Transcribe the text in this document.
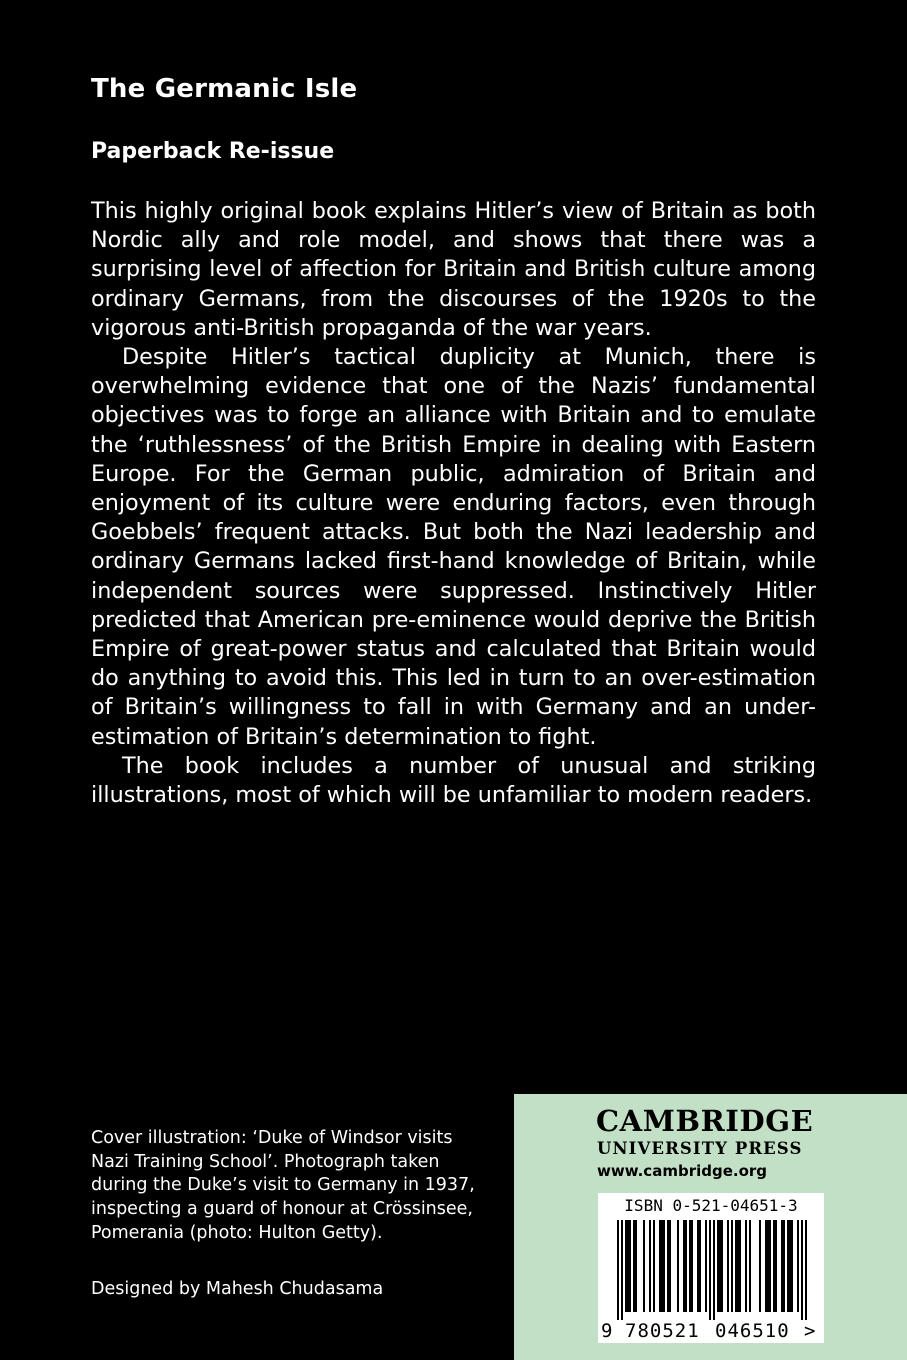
The Germanic Isle
Paperback Re-issue

This highly original book explains Hitler’s view of Britain as both Nordic ally and role model, and shows that there was a surprising level of affection for Britain and British culture among ordinary Germans, from the discourses of the 1920s to the vigorous anti-British propaganda of the war years.

Despite Hitler’s tactical duplicity at Munich, there is overwhelming evidence that one of the Nazis’ fundamental objectives was to forge an alliance with Britain and to emulate the ‘ruthlessness’ of the British Empire in dealing with Eastern Europe. For the German public, admiration of Britain and enjoyment of its culture were enduring factors, even through Goebbels’ frequent attacks. But both the Nazi leadership and ordinary Germans lacked first-hand knowledge of Britain, while independent sources were suppressed. Instinctively Hitler predicted that American pre-eminence would deprive the British Empire of great-power status and calculated that Britain would do anything to avoid this. This led in turn to an over-estimation of Britain’s willingness to fall in with Germany and an under-estimation of Britain’s determination to fight.

The book includes a number of unusual and striking illustrations, most of which will be unfamiliar to modern readers.

Cover illustration: ‘Duke of Windsor visits Nazi Training School’. Photograph taken during the Duke’s visit to Germany in 1937, inspecting a guard of honour at Crössinsee, Pomerania (photo: Hulton Getty).
Designed by Mahesh Chudasama
CAMBRIDGE
UNIVERSITY PRESS
www.cambridge.org
ISBN 0-521-04651-3
9 780521 046510 >
